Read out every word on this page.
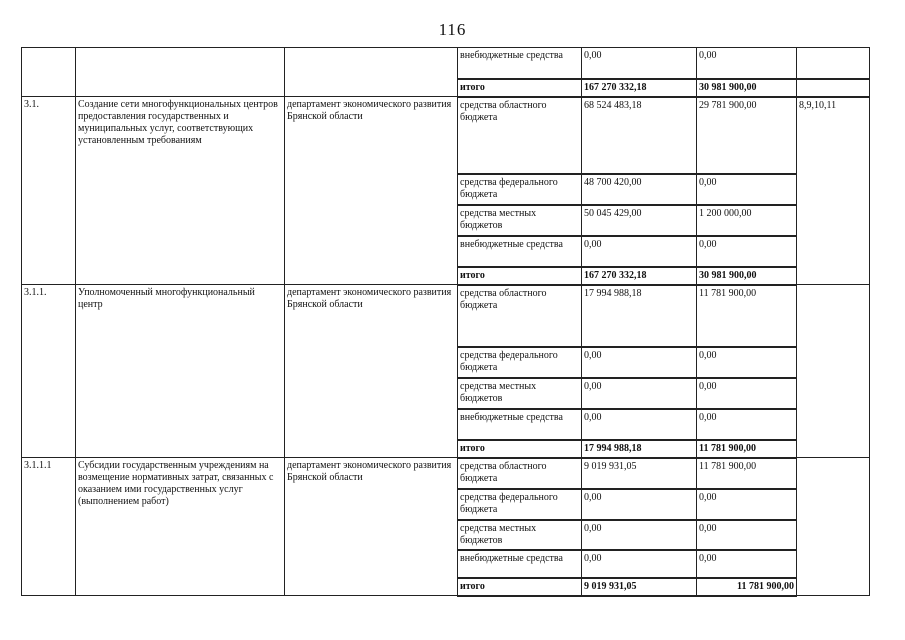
116
			внебюджетные средства	0,00	0,00	
			итого	167 270 332,18	30 981 900,00	
3.1.	Создание сети многофункциональных центров предоставления государственных и муниципальных услуг, соответствующих установленным требованиям	департамент экономического развития Брянской области	средства областного бюджета	68 524 483,18	29 781 900,00	8,9,10,11
			средства федерального бюджета	48 700 420,00	0,00	
			средства местных бюджетов	50 045 429,00	1 200 000,00	
			внебюджетные средства	0,00	0,00	
			итого	167 270 332,18	30 981 900,00	
3.1.1.	Уполномоченный многофункциональный центр	департамент экономического развития Брянской области	средства областного бюджета	17 994 988,18	11 781 900,00	
			средства федерального бюджета	0,00	0,00	
			средства местных бюджетов	0,00	0,00	
			внебюджетные средства	0,00	0,00	
			итого	17 994 988,18	11 781 900,00	
3.1.1.1	Субсидии государственным учреждениям на возмещение нормативных затрат, связанных с оказанием ими государственных услуг (выполнением работ)	департамент экономического развития Брянской области	средства областного бюджета	9 019 931,05	11 781 900,00	
			средства федерального бюджета	0,00	0,00	
			средства местных бюджетов	0,00	0,00	
			внебюджетные средства	0,00	0,00	
			итого	9 019 931,05	11 781 900,00	
